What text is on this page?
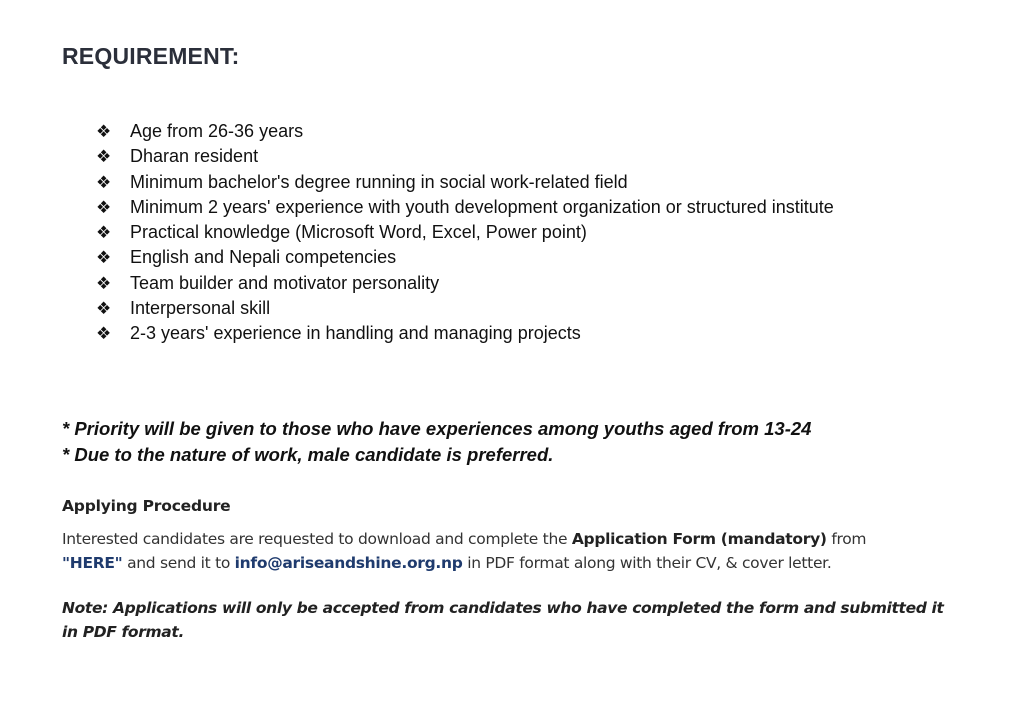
REQUIREMENT:
❖	Age from 26-36 years
❖	Dharan resident
❖	Minimum bachelor's degree running in social work-related field
❖	Minimum 2 years' experience with youth development organization or structured institute
❖	Practical knowledge (Microsoft Word, Excel, Power point)
❖	English and Nepali competencies
❖	Team builder and motivator personality
❖	Interpersonal skill
❖	2-3 years' experience in handling and managing projects
* Priority will be given to those who have experiences among youths aged from 13-24
* Due to the nature of work, male candidate is preferred.
Applying Procedure

Interested candidates are requested to download and complete the Application Form (mandatory) from
"HERE" and send it to info@ariseandshine.org.np in PDF format along with their CV, & cover letter.

Note: Applications will only be accepted from candidates who have completed the form and submitted it in PDF format.
